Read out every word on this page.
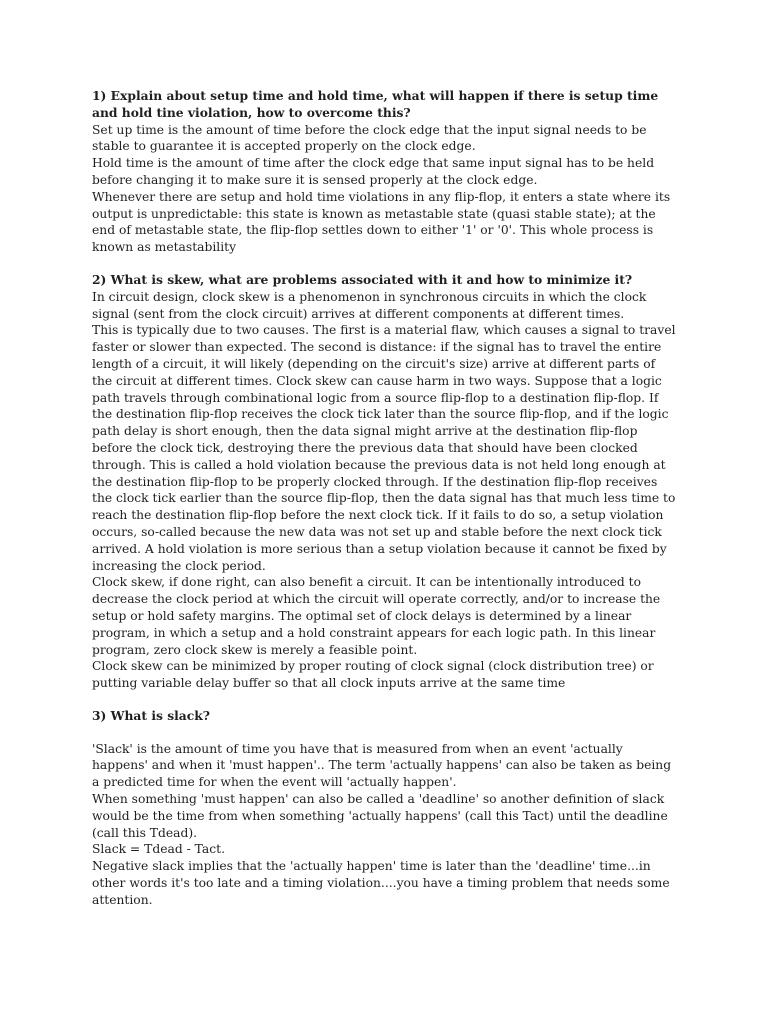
1) Explain about setup time and hold time, what will happen if there is setup time and hold tine violation, how to overcome this?

Set up time is the amount of time before the clock edge that the input signal needs to be stable to guarantee it is accepted properly on the clock edge.

Hold time is the amount of time after the clock edge that same input signal has to be held before changing it to make sure it is sensed properly at the clock edge.

Whenever there are setup and hold time violations in any flip-flop, it enters a state where its output is unpredictable: this state is known as metastable state (quasi stable state); at the end of metastable state, the flip-flop settles down to either '1' or '0'. This whole process is known as metastability

2) What is skew, what are problems associated with it and how to minimize it?

In circuit design, clock skew is a phenomenon in synchronous circuits in which the clock signal (sent from the clock circuit) arrives at different components at different times.

This is typically due to two causes. The first is a material flaw, which causes a signal to travel faster or slower than expected. The second is distance: if the signal has to travel the entire length of a circuit, it will likely (depending on the circuit's size) arrive at different parts of the circuit at different times. Clock skew can cause harm in two ways. Suppose that a logic path travels through combinational logic from a source flip-flop to a destination flip-flop. If the destination flip-flop receives the clock tick later than the source flip-flop, and if the logic path delay is short enough, then the data signal might arrive at the destination flip-flop before the clock tick, destroying there the previous data that should have been clocked through. This is called a hold violation because the previous data is not held long enough at the destination flip-flop to be properly clocked through. If the destination flip-flop receives the clock tick earlier than the source flip-flop, then the data signal has that much less time to reach the destination flip-flop before the next clock tick. If it fails to do so, a setup violation occurs, so-called because the new data was not set up and stable before the next clock tick arrived. A hold violation is more serious than a setup violation because it cannot be fixed by increasing the clock period.

Clock skew, if done right, can also benefit a circuit. It can be intentionally introduced to decrease the clock period at which the circuit will operate correctly, and/or to increase the setup or hold safety margins. The optimal set of clock delays is determined by a linear program, in which a setup and a hold constraint appears for each logic path. In this linear program, zero clock skew is merely a feasible point.

Clock skew can be minimized by proper routing of clock signal (clock distribution tree) or putting variable delay buffer so that all clock inputs arrive at the same time

3) What is slack?

'Slack' is the amount of time you have that is measured from when an event 'actually happens' and when it 'must happen'.. The term 'actually happens' can also be taken as being a predicted time for when the event will 'actually happen'.

When something 'must happen' can also be called a 'deadline' so another definition of slack would be the time from when something 'actually happens' (call this Tact) until the deadline (call this Tdead).

Slack = Tdead - Tact.

Negative slack implies that the 'actually happen' time is later than the 'deadline' time...in other words it's too late and a timing violation....you have a timing problem that needs some attention.
